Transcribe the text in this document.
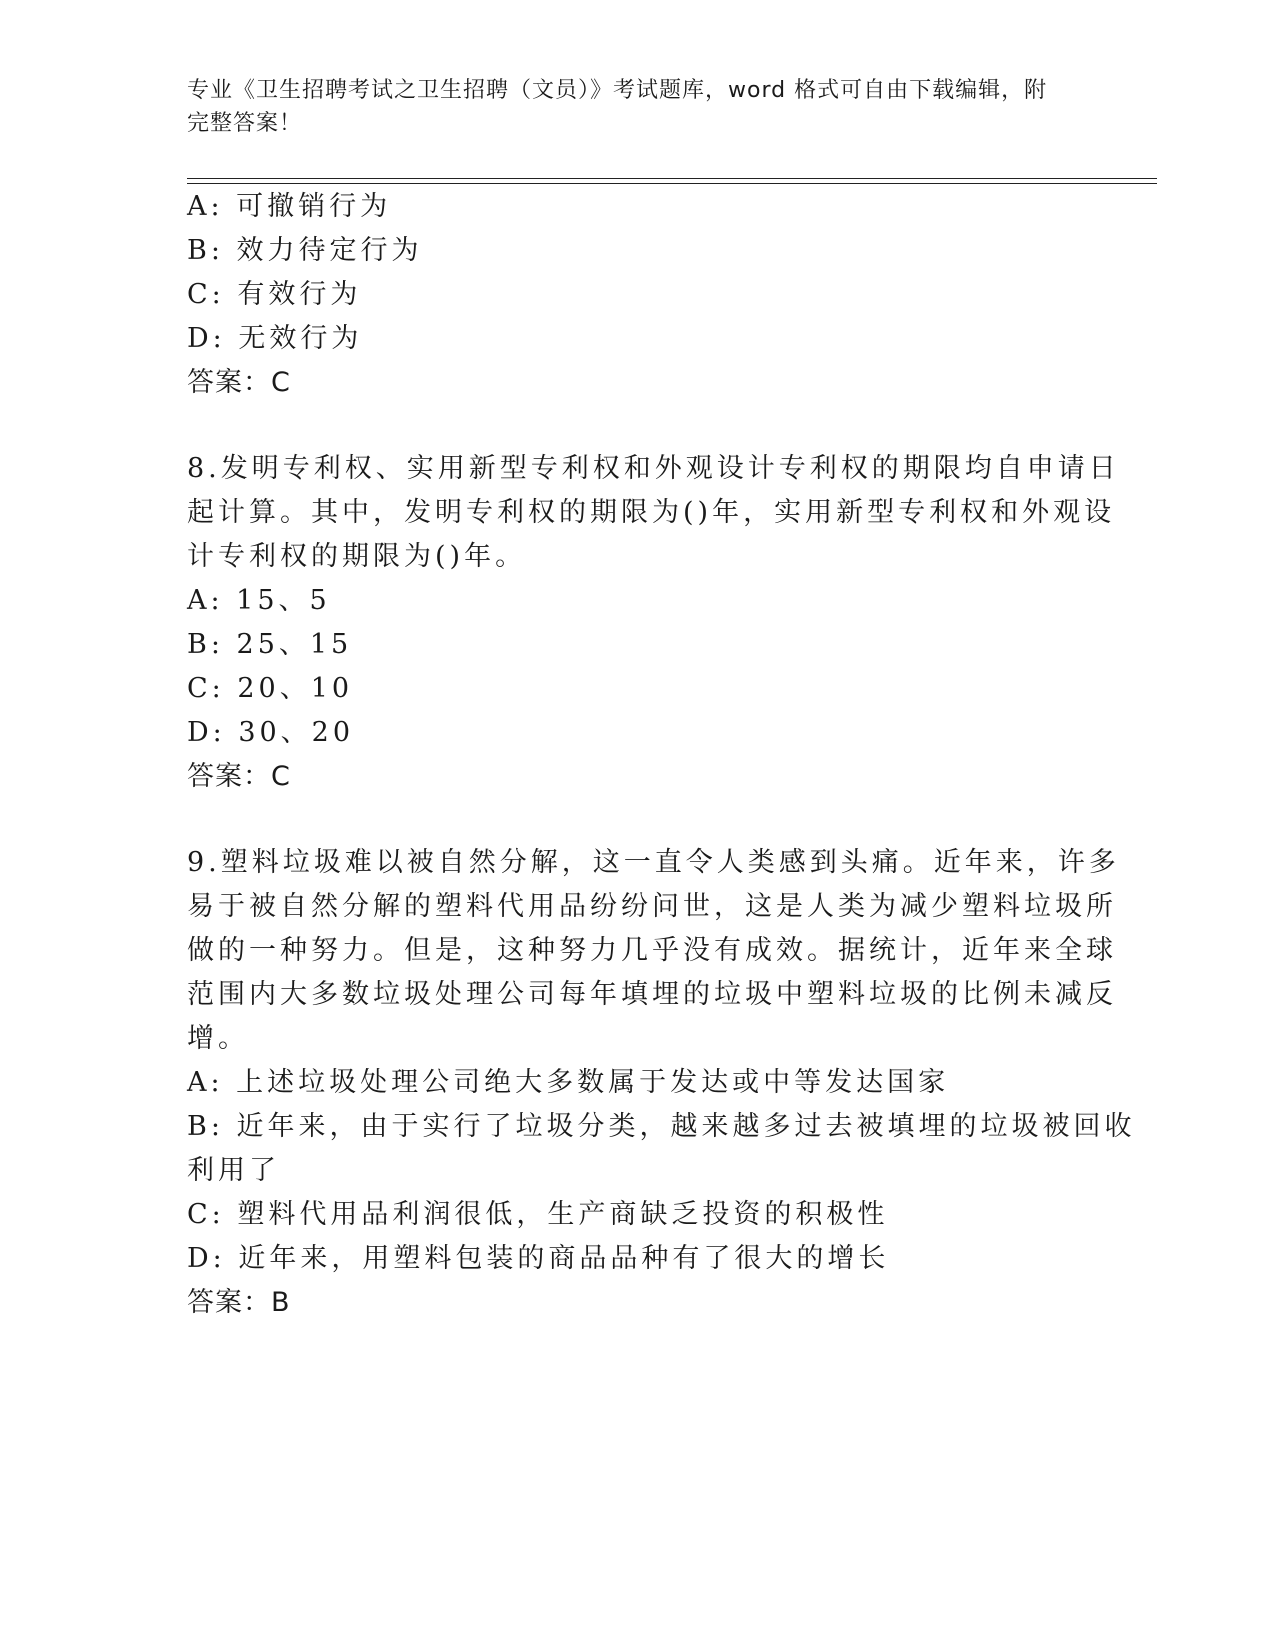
专业《卫生招聘考试之卫生招聘（文员）》考试题库，word 格式可自由下载编辑，附完整答案！
A: 可撤销行为
B: 效力待定行为
C: 有效行为
D: 无效行为
答案：C
8.发明专利权、实用新型专利权和外观设计专利权的期限均自申请日
起计算。其中，发明专利权的期限为()年，实用新型专利权和外观设
计专利权的期限为()年。
A: 15、5
B: 25、15
C: 20、10
D: 30、20
答案：C
9.塑料垃圾难以被自然分解，这一直令人类感到头痛。近年来，许多
易于被自然分解的塑料代用品纷纷问世，这是人类为减少塑料垃圾所
做的一种努力。但是，这种努力几乎没有成效。据统计，近年来全球
范围内大多数垃圾处理公司每年填埋的垃圾中塑料垃圾的比例未减反
增。
A: 上述垃圾处理公司绝大多数属于发达或中等发达国家
B: 近年来，由于实行了垃圾分类，越来越多过去被填埋的垃圾被回收
利用了
C: 塑料代用品利润很低，生产商缺乏投资的积极性
D: 近年来，用塑料包装的商品品种有了很大的增长
答案：B
